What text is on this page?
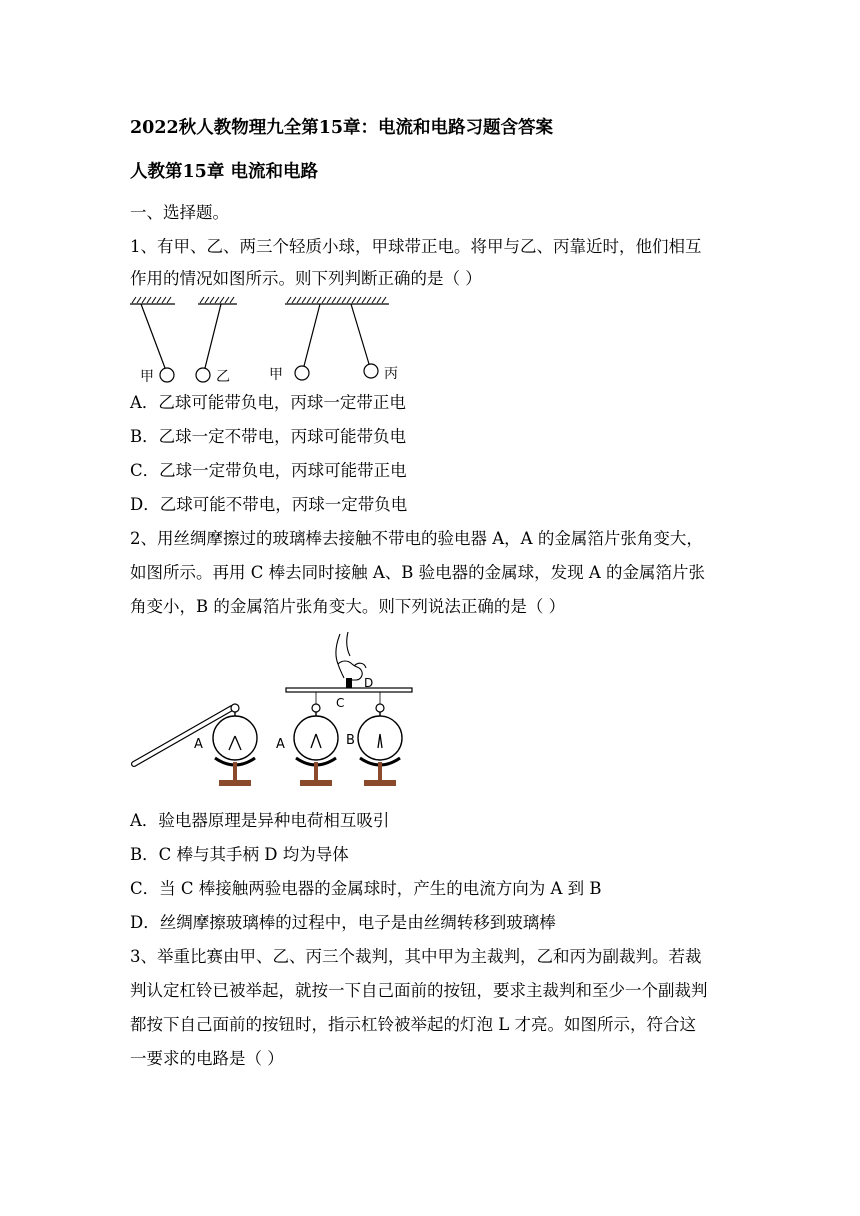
2022秋人教物理九全第15章：电流和电路习题含答案
人教第15章 电流和电路
一、选择题。
1、有甲、乙、两三个轻质小球，甲球带正电。将甲与乙、丙靠近时，他们相互
作用的情况如图所示。则下列判断正确的是（ ）
甲	乙	甲	丙
A．乙球可能带负电，丙球一定带正电
B．乙球一定不带电，丙球可能带负电
C．乙球一定带负电，丙球可能带正电
D．乙球可能不带电，丙球一定带负电
2、用丝绸摩擦过的玻璃棒去接触不带电的验电器 A，A 的金属箔片张角变大，
如图所示。再用 C 棒去同时接触 A、B 验电器的金属球，发现 A 的金属箔片张
角变小，B 的金属箔片张角变大。则下列说法正确的是（ ）
D
C
A	A	B
A．验电器原理是异种电荷相互吸引
B．C 棒与其手柄 D 均为导体
C．当 C 棒接触两验电器的金属球时，产生的电流方向为 A 到 B
D．丝绸摩擦玻璃棒的过程中，电子是由丝绸转移到玻璃棒
3、举重比赛由甲、乙、丙三个裁判，其中甲为主裁判，乙和丙为副裁判。若裁
判认定杠铃已被举起，就按一下自己面前的按钮，要求主裁判和至少一个副裁判
都按下自己面前的按钮时，指示杠铃被举起的灯泡 L 才亮。如图所示，符合这
一要求的电路是（ ）
